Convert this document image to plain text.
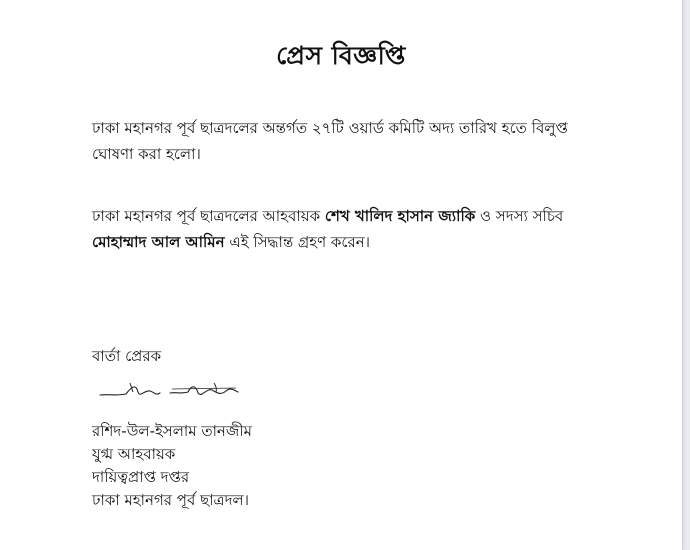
প্রেস বিজ্ঞপ্তি
ঢাকা মহানগর পূর্ব ছাত্রদলের অন্তর্গত ২৭টি ওয়ার্ড কমিটি অদ্য তারিখ হতে বিলুপ্ত ঘোষণা করা হলো।
ঢাকা মহানগর পূর্ব ছাত্রদলের আহবায়ক শেখ খালিদ হাসান জ্যাকি ও সদস্য সচিব মোহাম্মাদ আল আমিন এই সিদ্ধান্ত গ্রহণ করেন।
বার্তা প্রেরক
রশিদ-উল-ইসলাম তানজীম
যুগ্ম আহবায়ক
দায়িত্বপ্রাপ্ত দপ্তর
ঢাকা মহানগর পূর্ব ছাত্রদল।
